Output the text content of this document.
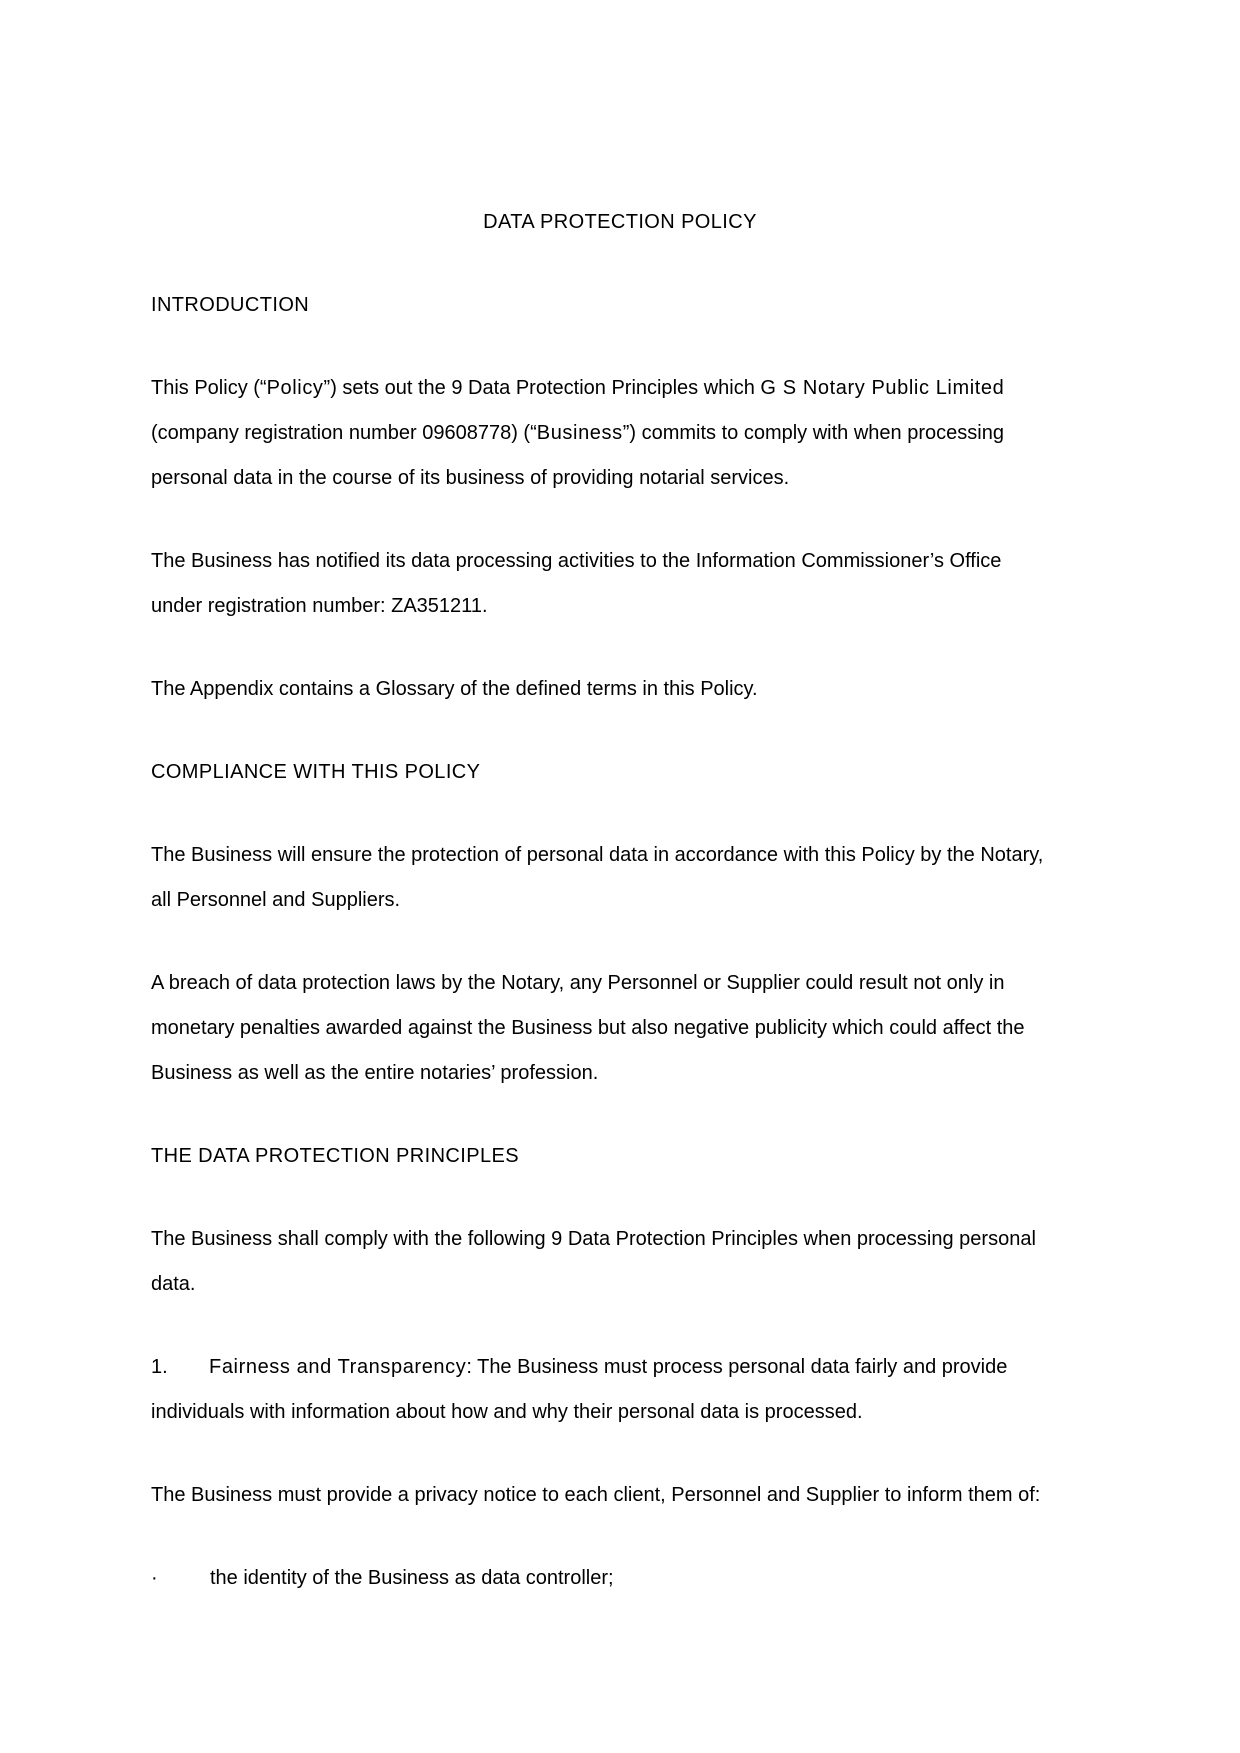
DATA PROTECTION POLICY
INTRODUCTION
This Policy (“Policy”) sets out the 9 Data Protection Principles which G S Notary Public Limited
(company registration number 09608778) (“Business”) commits to comply with when processing
personal data in the course of its business of providing notarial services.
The Business has notified its data processing activities to the Information Commissioner’s Office
under registration number: ZA351211.
The Appendix contains a Glossary of the defined terms in this Policy.
COMPLIANCE WITH THIS POLICY
The Business will ensure the protection of personal data in accordance with this Policy by the Notary,
all Personnel and Suppliers.
A breach of data protection laws by the Notary, any Personnel or Supplier could result not only in
monetary penalties awarded against the Business but also negative publicity which could affect the
Business as well as the entire notaries’ profession.
THE DATA PROTECTION PRINCIPLES
The Business shall comply with the following 9 Data Protection Principles when processing personal
data.
1. Fairness and Transparency: The Business must process personal data fairly and provide
individuals with information about how and why their personal data is processed.
The Business must provide a privacy notice to each client, Personnel and Supplier to inform them of:
·	the identity of the Business as data controller;
